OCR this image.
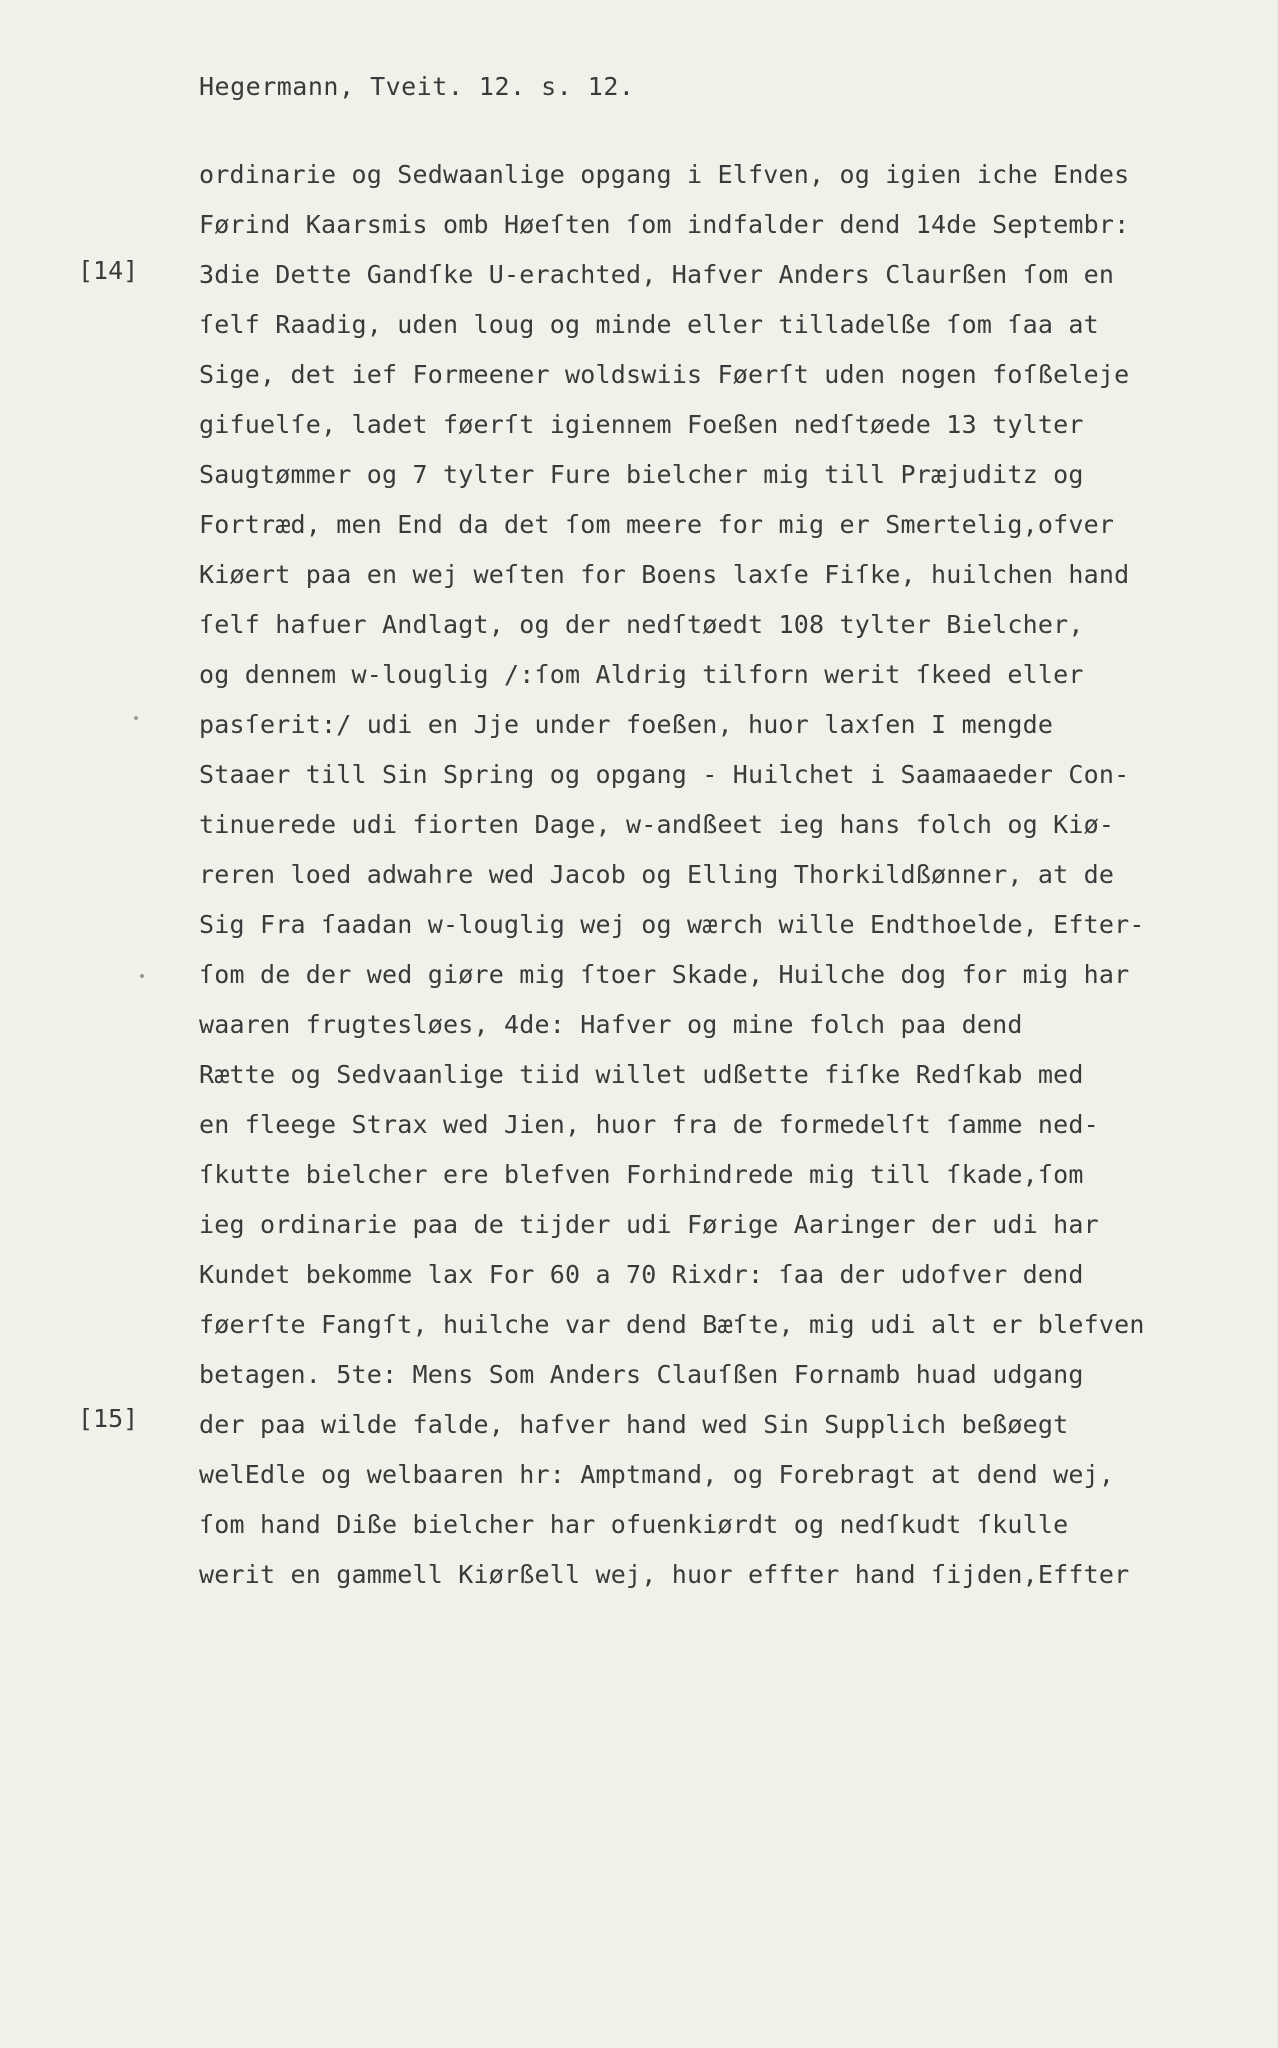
Hegermann, Tveit. 12. s. 12.
[14]
[15]
ordinarie og Sedwaanlige opgang i Elfven, og igien iche Endes
Førind Kaarsmis omb Høeſten ſom indfalder dend 14de Septembr:
3die Dette Gandſke U-erachted, Hafver Anders Claurßen ſom en
ſelf Raadig, uden loug og minde eller tilladelße ſom ſaa at
Sige, det ief Formeener woldswiis Føerſt uden nogen foſßeleje
gifuelſe, ladet føerſt igiennem Foeßen nedſtøede 13 tylter
Saugtømmer og 7 tylter Fure bielcher mig till Præjuditz og
Fortræd, men End da det ſom meere for mig er Smertelig,ofver
Kiøert paa en wej weſten for Boens laxſe Fiſke, huilchen hand
ſelf hafuer Andlagt, og der nedſtøedt 108 tylter Bielcher,
og dennem w-louglig /:ſom Aldrig tilforn werit ſkeed eller
pasſerit:/ udi en Jje under foeßen, huor laxſen I mengde
Staaer till Sin Spring og opgang - Huilchet i Saamaaeder Con-
tinuerede udi fiorten Dage, w-andßeet ieg hans folch og Kiø-
reren loed adwahre wed Jacob og Elling Thorkildßønner, at de
Sig Fra ſaadan w-louglig wej og wærch wille Endthoelde, Efter-
ſom de der wed giøre mig ſtoer Skade, Huilche dog for mig har
waaren frugtesløes, 4de: Hafver og mine folch paa dend
Rætte og Sedvaanlige tiid willet udßette fiſke Redſkab med
en fleege Strax wed Jien, huor fra de formedelſt ſamme ned-
ſkutte bielcher ere blefven Forhindrede mig till ſkade,ſom
ieg ordinarie paa de tijder udi Førige Aaringer der udi har
Kundet bekomme lax For 60 a 70 Rixdr: ſaa der udofver dend
føerſte Fangſt, huilche var dend Bæſte, mig udi alt er blefven
betagen. 5te: Mens Som Anders Clauſßen Fornamb huad udgang
der paa wilde falde, hafver hand wed Sin Supplich beßøegt
welEdle og welbaaren hr: Amptmand, og Forebragt at dend wej,
ſom hand Diße bielcher har ofuenkiørdt og nedſkudt ſkulle
werit en gammell Kiørßell wej, huor effter hand ſijden,Effter
